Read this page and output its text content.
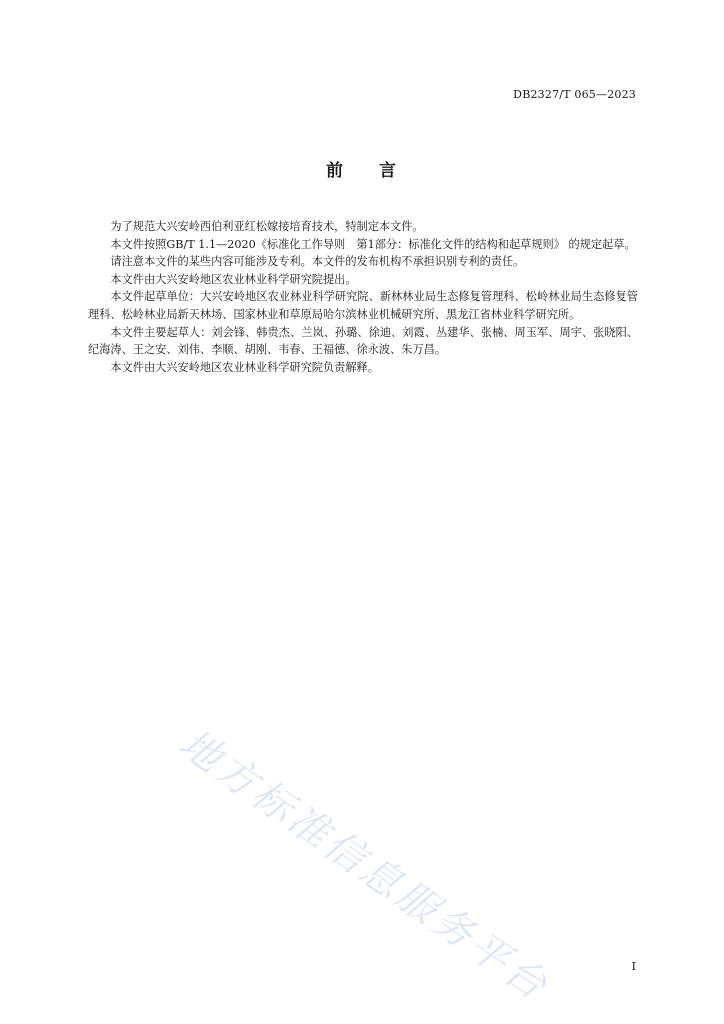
DB2327/T 065—2023
前 言

为了规范大兴安岭西伯利亚红松嫁接培育技术，特制定本文件。

本文件按照GB/T 1.1—2020《标准化工作导则　第1部分：标准化文件的结构和起草规则》 的规定起草。

请注意本文件的某些内容可能涉及专利。本文件的发布机构不承担识别专利的责任。

本文件由大兴安岭地区农业林业科学研究院提出。

本文件起草单位：大兴安岭地区农业林业科学研究院、新林林业局生态修复管理科、松岭林业局生态修复管理科、松岭林业局新天林场、国家林业和草原局哈尔滨林业机械研究所、黑龙江省林业科学研究所。

本文件主要起草人：刘会锋、韩贵杰、兰岚、孙璐、徐迪、刘霞、丛建华、张楠、周玉军、周宇、张晓阳、纪海涛、王之安、刘伟、李顺、胡刚、韦春、王福德、徐永波、朱万昌。

本文件由大兴安岭地区农业林业科学研究院负责解释。

地方标准信息服务平台	I
